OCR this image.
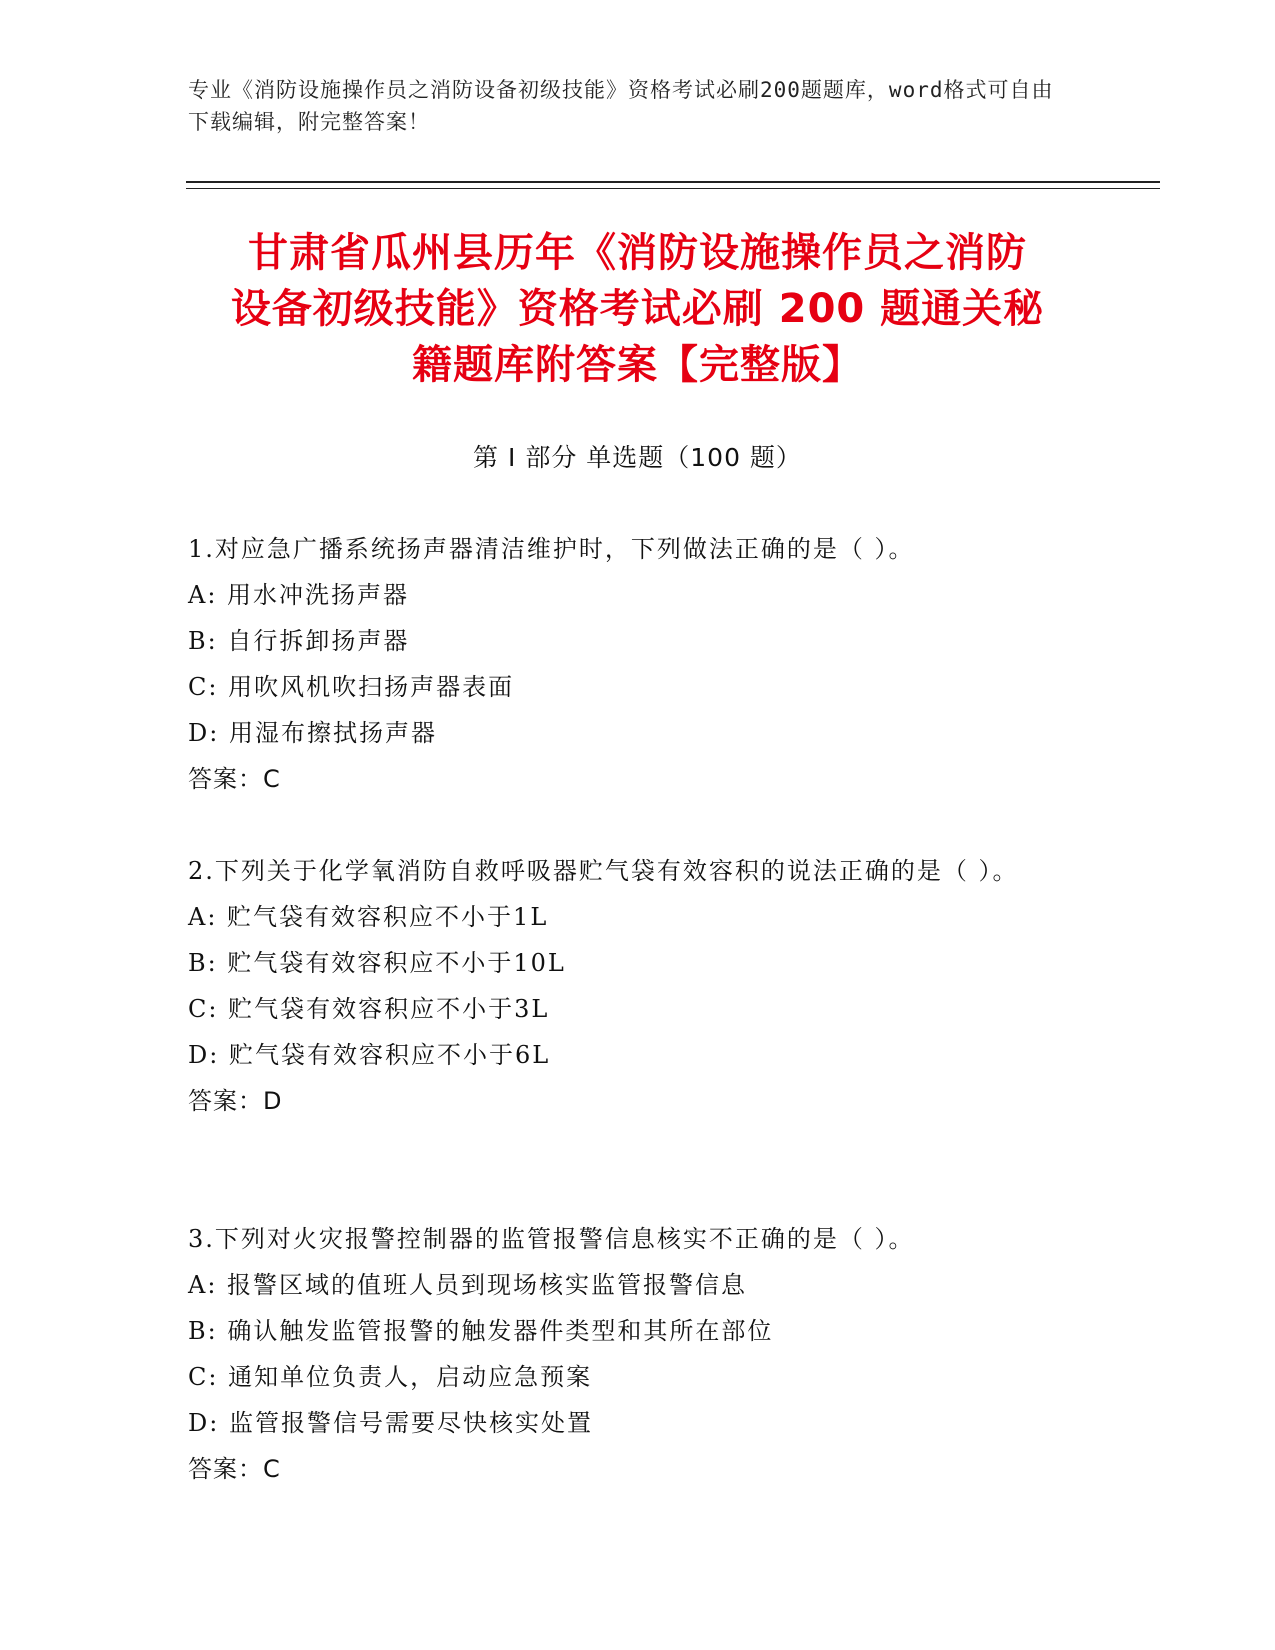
专业《消防设施操作员之消防设备初级技能》资格考试必刷200题题库，word格式可自由下载编辑，附完整答案！
甘肃省瓜州县历年《消防设施操作员之消防
设备初级技能》资格考试必刷 200 题通关秘
籍题库附答案【完整版】
第 I 部分 单选题（100 题）

1.对应急广播系统扬声器清洁维护时，下列做法正确的是（ ）。

A: 用水冲洗扬声器

B: 自行拆卸扬声器

C: 用吹风机吹扫扬声器表面

D: 用湿布擦拭扬声器

答案：C

2.下列关于化学氧消防自救呼吸器贮气袋有效容积的说法正确的是（ ）。

A: 贮气袋有效容积应不小于1L

B: 贮气袋有效容积应不小于10L

C: 贮气袋有效容积应不小于3L

D: 贮气袋有效容积应不小于6L

答案：D

3.下列对火灾报警控制器的监管报警信息核实不正确的是（ ）。

A: 报警区域的值班人员到现场核实监管报警信息

B: 确认触发监管报警的触发器件类型和其所在部位

C: 通知单位负责人，启动应急预案

D: 监管报警信号需要尽快核实处置

答案：C
